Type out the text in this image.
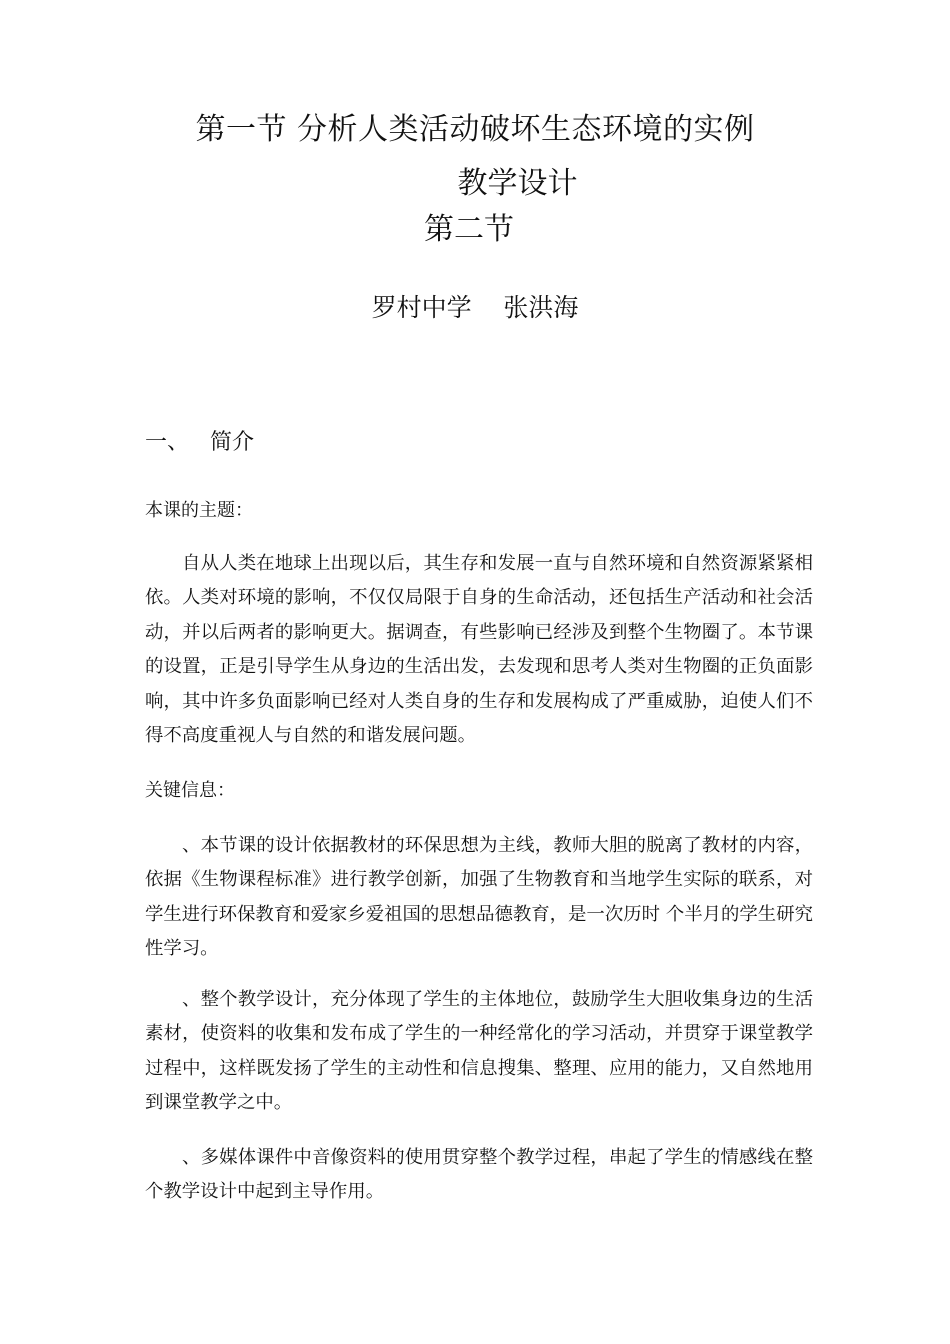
第一节 分析人类活动破坏生态环境的实例
教学设计
第二节
罗村中学    张洪海
一、   简介
本课的主题：
自从人类在地球上出现以后，其生存和发展一直与自然环境和自然资源紧紧相依。人类对环境的影响，不仅仅局限于自身的生命活动，还包括生产活动和社会活动，并以后两者的影响更大。据调查，有些影响已经涉及到整个生物圈了。本节课的设置，正是引导学生从身边的生活出发，去发现和思考人类对生物圈的正负面影响，其中许多负面影响已经对人类自身的生存和发展构成了严重威胁，迫使人们不得不高度重视人与自然的和谐发展问题。
关键信息：
、本节课的设计依据教材的环保思想为主线，教师大胆的脱离了教材的内容，依据《生物课程标准》进行教学创新，加强了生物教育和当地学生实际的联系，对学生进行环保教育和爱家乡爱祖国的思想品德教育，是一次历时 个半月的学生研究性学习。
、整个教学设计，充分体现了学生的主体地位，鼓励学生大胆收集身边的生活素材，使资料的收集和发布成了学生的一种经常化的学习活动，并贯穿于课堂教学过程中，这样既发扬了学生的主动性和信息搜集、整理、应用的能力，又自然地用到课堂教学之中。
、多媒体课件中音像资料的使用贯穿整个教学过程，串起了学生的情感线在整个教学设计中起到主导作用。
